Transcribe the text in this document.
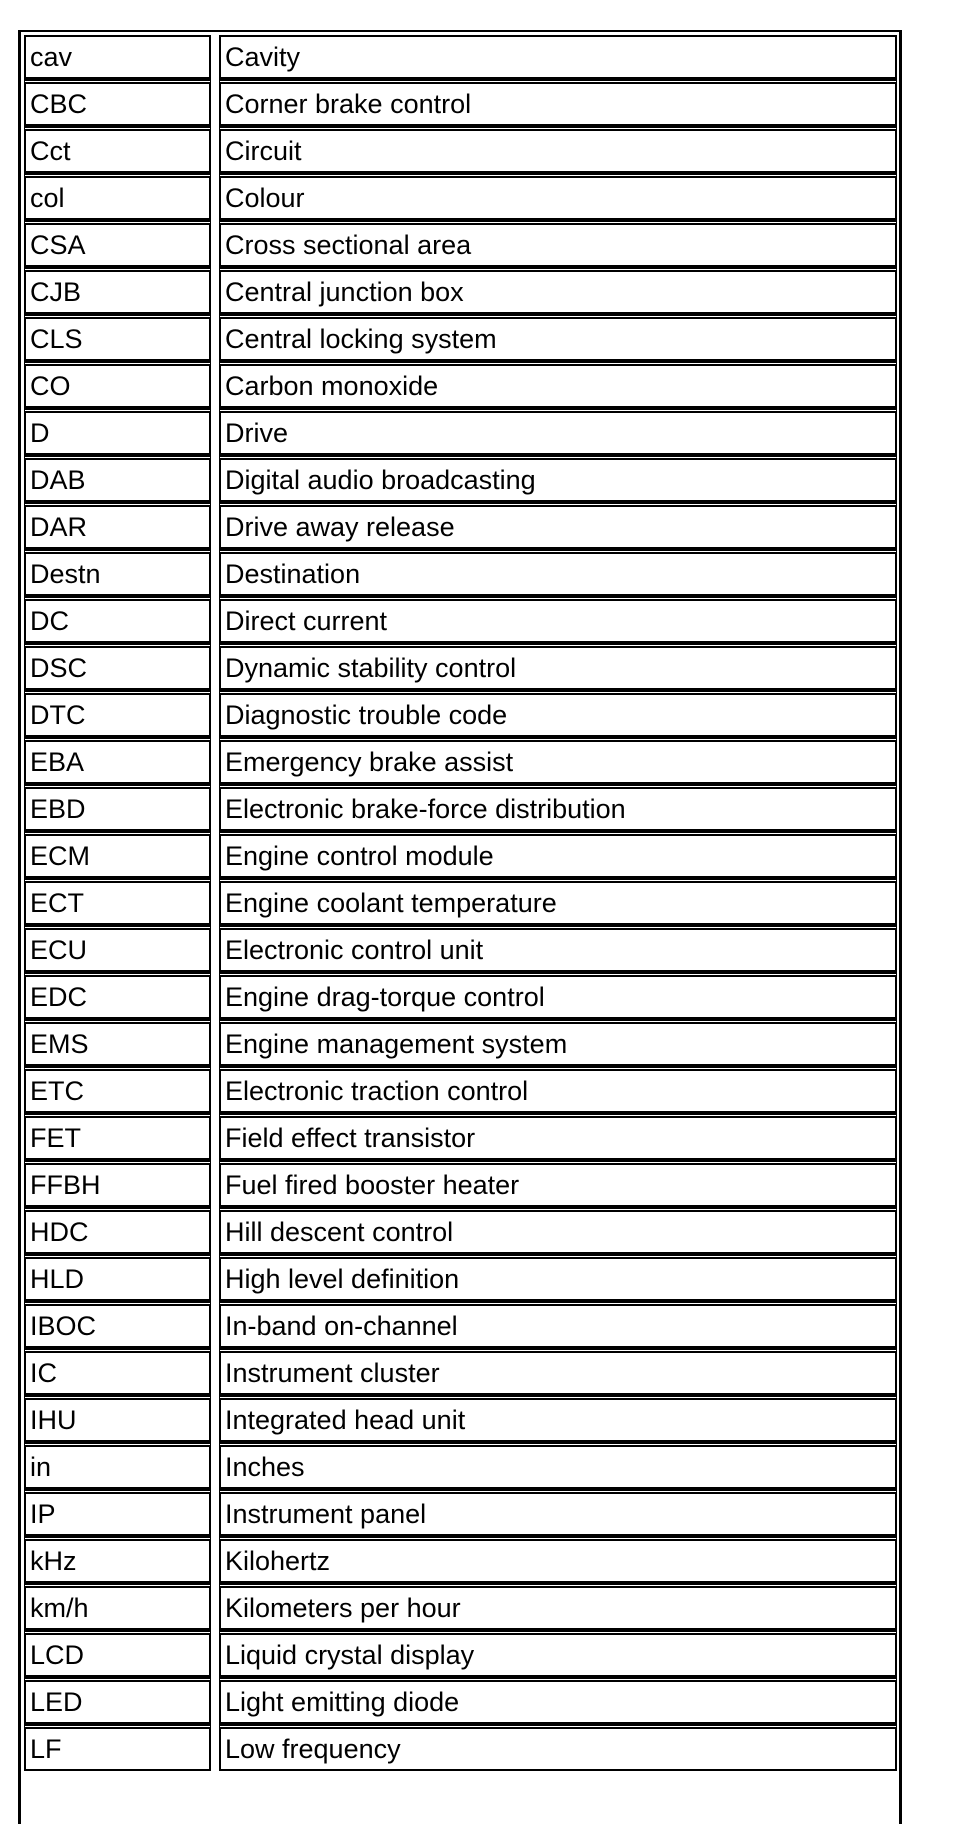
cav		Cavity
CBC		Corner brake control
Cct		Circuit
col		Colour
CSA		Cross sectional area
CJB		Central junction box
CLS		Central locking system
CO		Carbon monoxide
D		Drive
DAB		Digital audio broadcasting
DAR		Drive away release
Destn		Destination
DC		Direct current
DSC		Dynamic stability control
DTC		Diagnostic trouble code
EBA		Emergency brake assist
EBD		Electronic brake-force distribution
ECM		Engine control module
ECT		Engine coolant temperature
ECU		Electronic control unit
EDC		Engine drag-torque control
EMS		Engine management system
ETC		Electronic traction control
FET		Field effect transistor
FFBH		Fuel fired booster heater
HDC		Hill descent control
HLD		High level definition
IBOC		In-band on-channel
IC		Instrument cluster
IHU		Integrated head unit
in		Inches
IP		Instrument panel
kHz		Kilohertz
km/h		Kilometers per hour
LCD		Liquid crystal display
LED		Light emitting diode
LF		Low frequency
